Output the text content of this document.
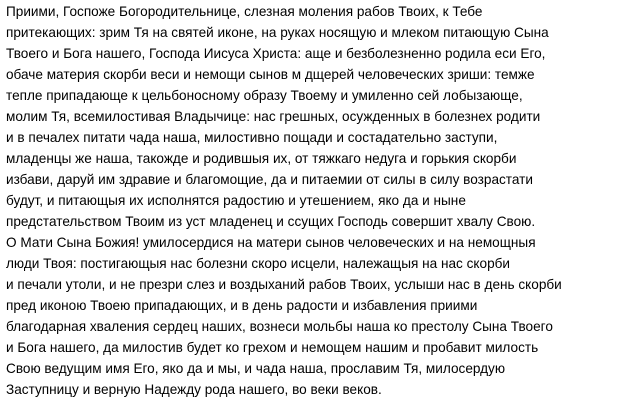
Приими, Госпоже Богородительнице, слезная моления рабов Твоих, к Тебе
притекающих: зрим Тя на святей иконе, на руках носящую и млеком питающую Сына
Твоего и Бога нашего, Господа Иисуса Христа: аще и безболезненно родила еси Его,
обаче материя скорби веси и немощи сынов м дщерей человеческих зриши: темже
тепле припадающе к цельбоносному образу Твоему и умиленно сей лобызающе,
молим Тя, всемилостивая Владычице: нас грешных, осужденных в болезнех родити
и в печалех питати чада наша, милостивно пощади и состадательно заступи,
младенцы же наша, такожде и родившыя их, от тяжкаго недуга и горькия скорби
избави, даруй им здравие и благомощие, да и питаемии от силы в силу возрастати
будут, и питающыя их исполнятся радостию и утешением, яко да и ныне
предстательством Твоим из уст младенец и ссущих Господь совершит хвалу Свою.
О Мати Сына Божия! умилосердися на матери сынов человеческих и на немощныя
люди Твоя: постигающыя нас болезни скоро исцели, належащыя на нас скорби
и печали утоли, и не презри слез и воздыханий рабов Твоих, услыши нас в день скорби
пред иконою Твоею припадающих, и в день радости и избавления приими
благодарная хваления сердец наших, вознеси мольбы наша ко престолу Сына Твоего
и Бога нашего, да милостив будет ко грехом и немощем нашим и пробавит милость
Свою ведущим имя Его, яко да и мы, и чада наша, прославим Тя, милосердую
Заступницу и верную Надежду рода нашего, во веки веков.
